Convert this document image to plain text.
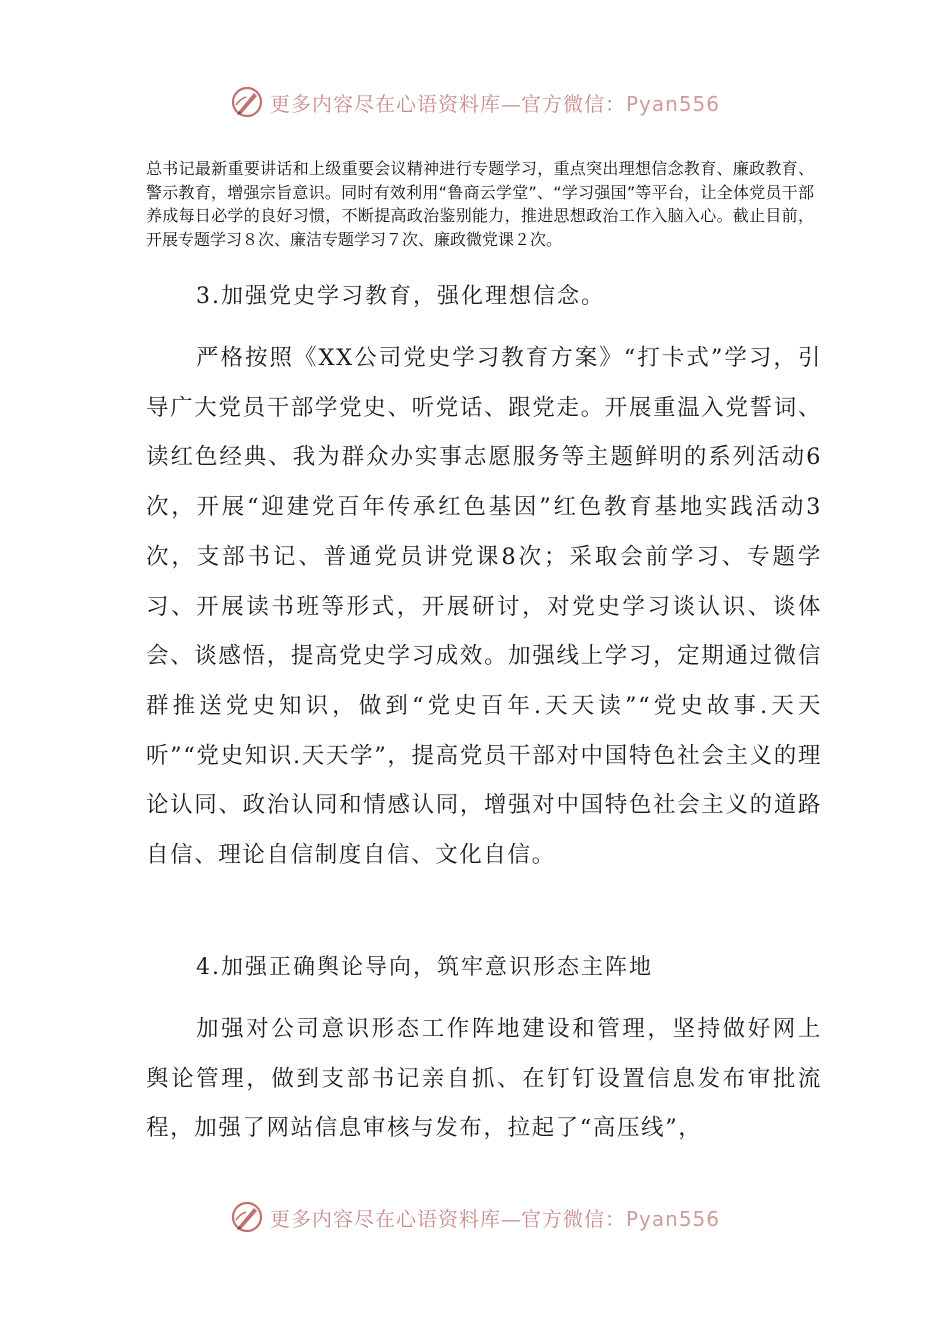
更多内容尽在心语资料库—官方微信：Pyan556
总书记最新重要讲话和上级重要会议精神进行专题学习，重点突出理想信念教育、廉政教育、警示教育，增强宗旨意识。同时有效利用“鲁商云学堂”、“学习强国”等平台，让全体党员干部养成每日必学的良好习惯，不断提高政治鉴别能力，推进思想政治工作入脑入心。截止目前，开展专题学习８次、廉洁专题学习７次、廉政微党课２次。
3.加强党史学习教育，强化理想信念。
严格按照《XX公司党史学习教育方案》“打卡式”学习，引导广大党员干部学党史、听党话、跟党走。开展重温入党誓词、读红色经典、我为群众办实事志愿服务等主题鲜明的系列活动6次，开展“迎建党百年传承红色基因”红色教育基地实践活动3次，支部书记、普通党员讲党课8次；采取会前学习、专题学习、开展读书班等形式，开展研讨，对党史学习谈认识、谈体会、谈感悟，提高党史学习成效。加强线上学习，定期通过微信群推送党史知识，做到“党史百年.天天读”“党史故事.天天听”“党史知识.天天学”，提高党员干部对中国特色社会主义的理论认同、政治认同和情感认同，增强对中国特色社会主义的道路自信、理论自信制度自信、文化自信。
4.加强正确舆论导向，筑牢意识形态主阵地
加强对公司意识形态工作阵地建设和管理，坚持做好网上舆论管理，做到支部书记亲自抓、在钉钉设置信息发布审批流程，加强了网站信息审核与发布，拉起了“高压线”，
更多内容尽在心语资料库—官方微信：Pyan556
